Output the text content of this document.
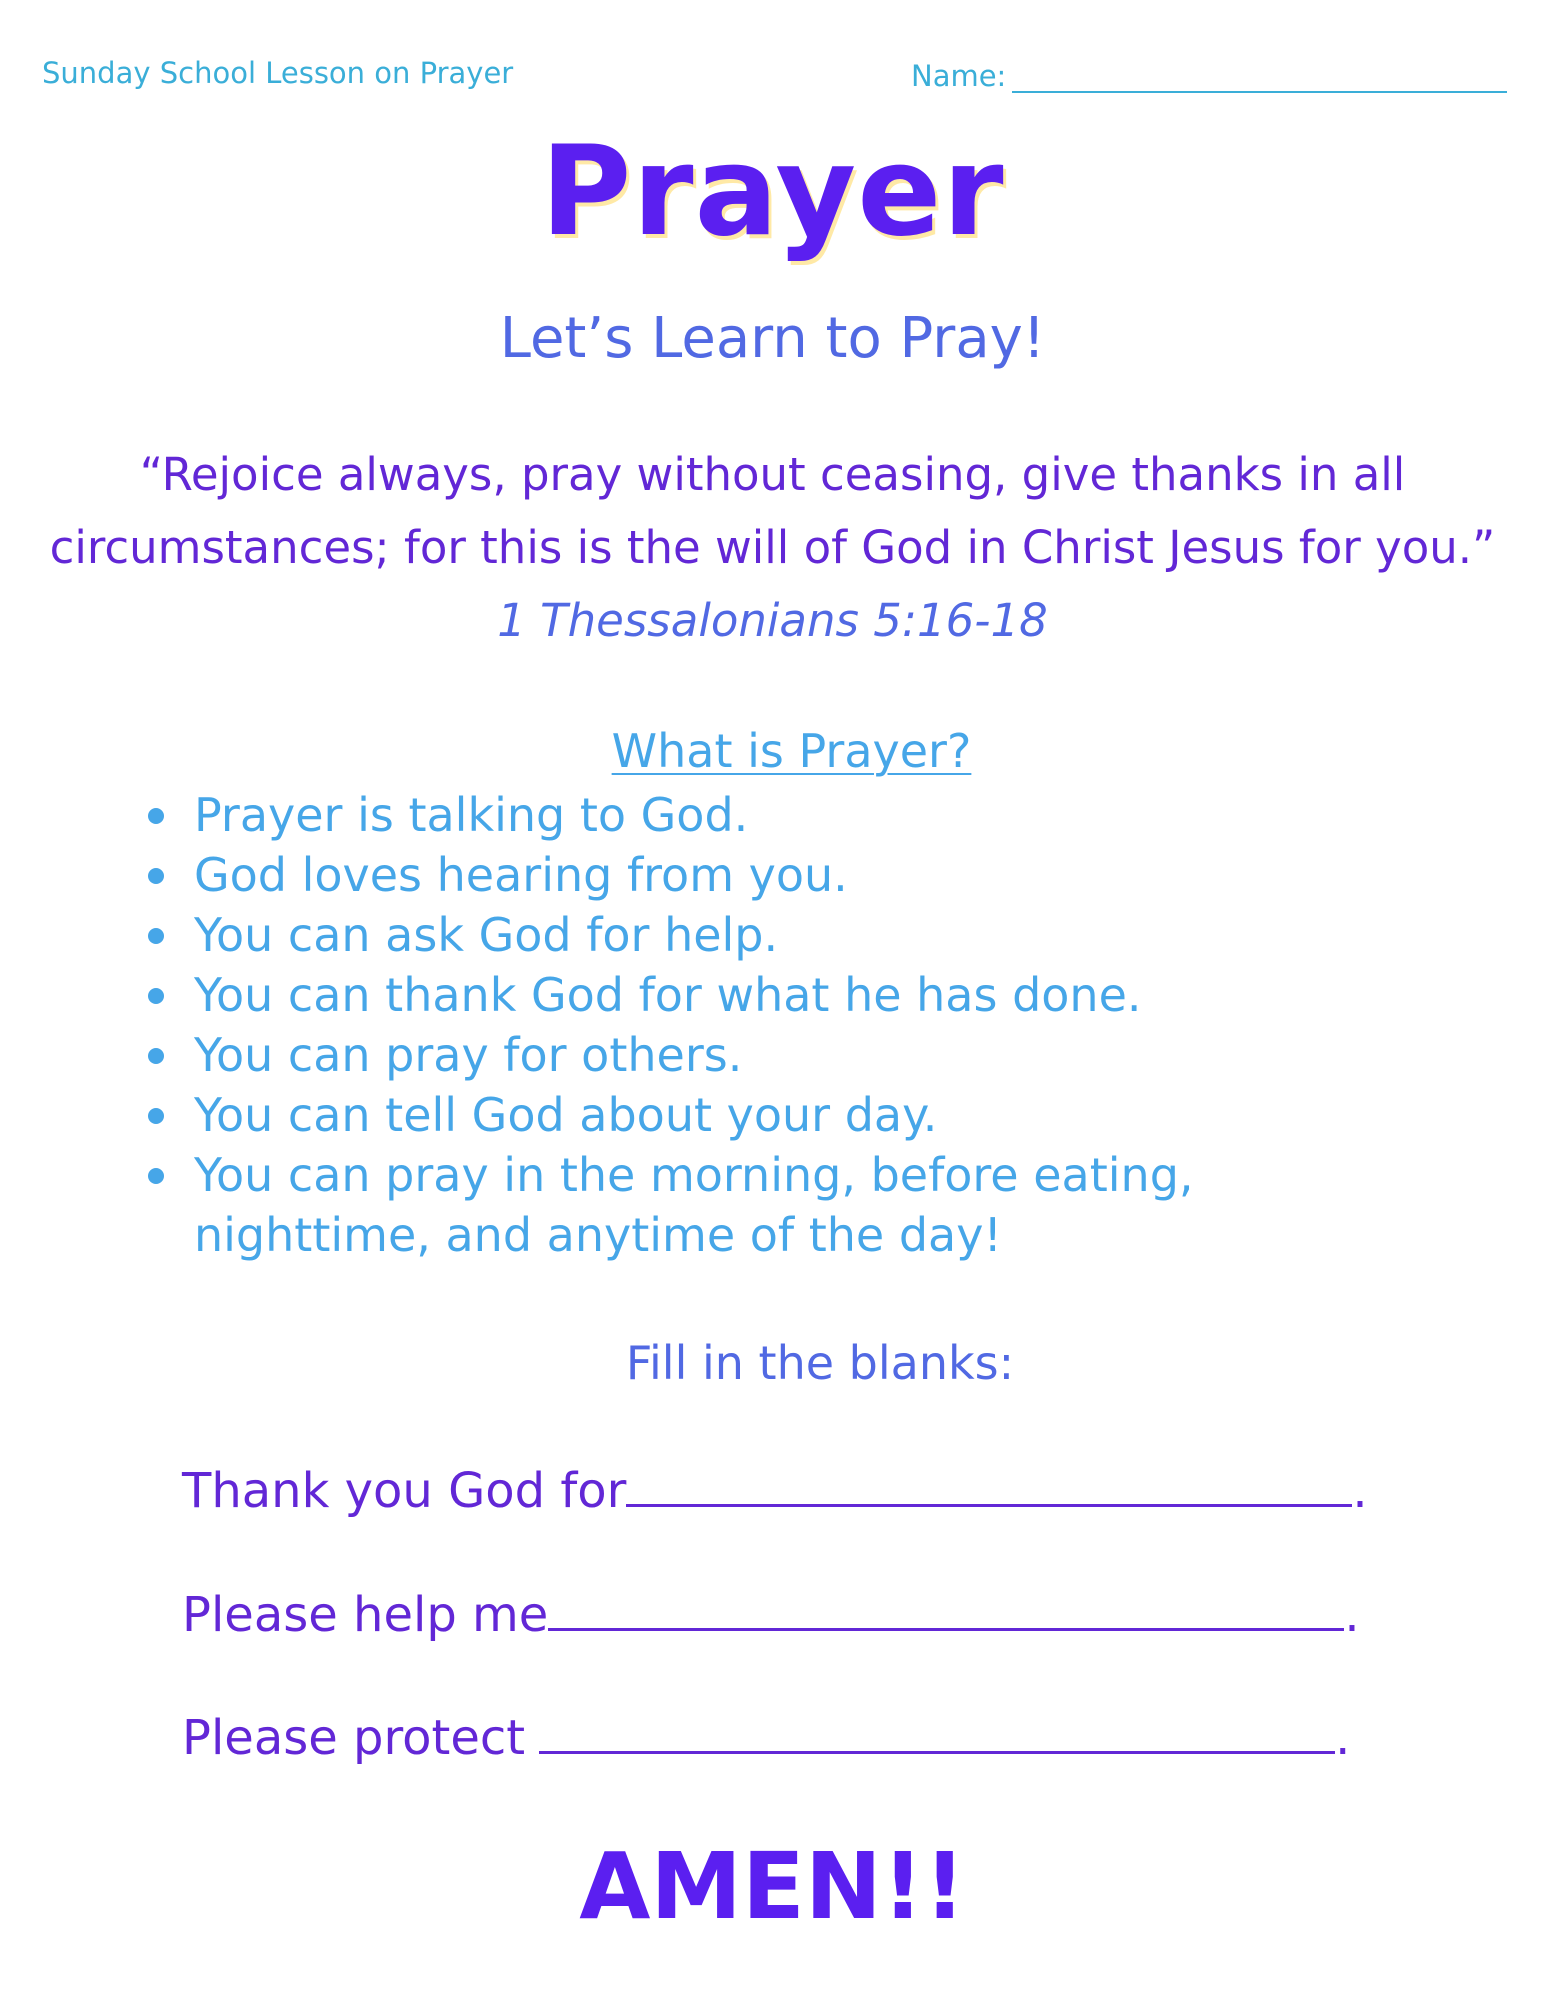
Sunday School Lesson on Prayer	Name:
Prayer
Let’s Learn to Pray!
“Rejoice always, pray without ceasing, give thanks in all
circumstances; for this is the will of God in Christ Jesus for you.”
1 Thessalonians 5:16-18
What is Prayer?
Prayer is talking to God.
God loves hearing from you.
You can ask God for help.
You can thank God for what he has done.
You can pray for others.
You can tell God about your day.
You can pray in the morning, before eating, nighttime, and anytime of the day!
Fill in the blanks:
Thank you God for	.
Please help me	.
Please protect	.
AMEN!!
